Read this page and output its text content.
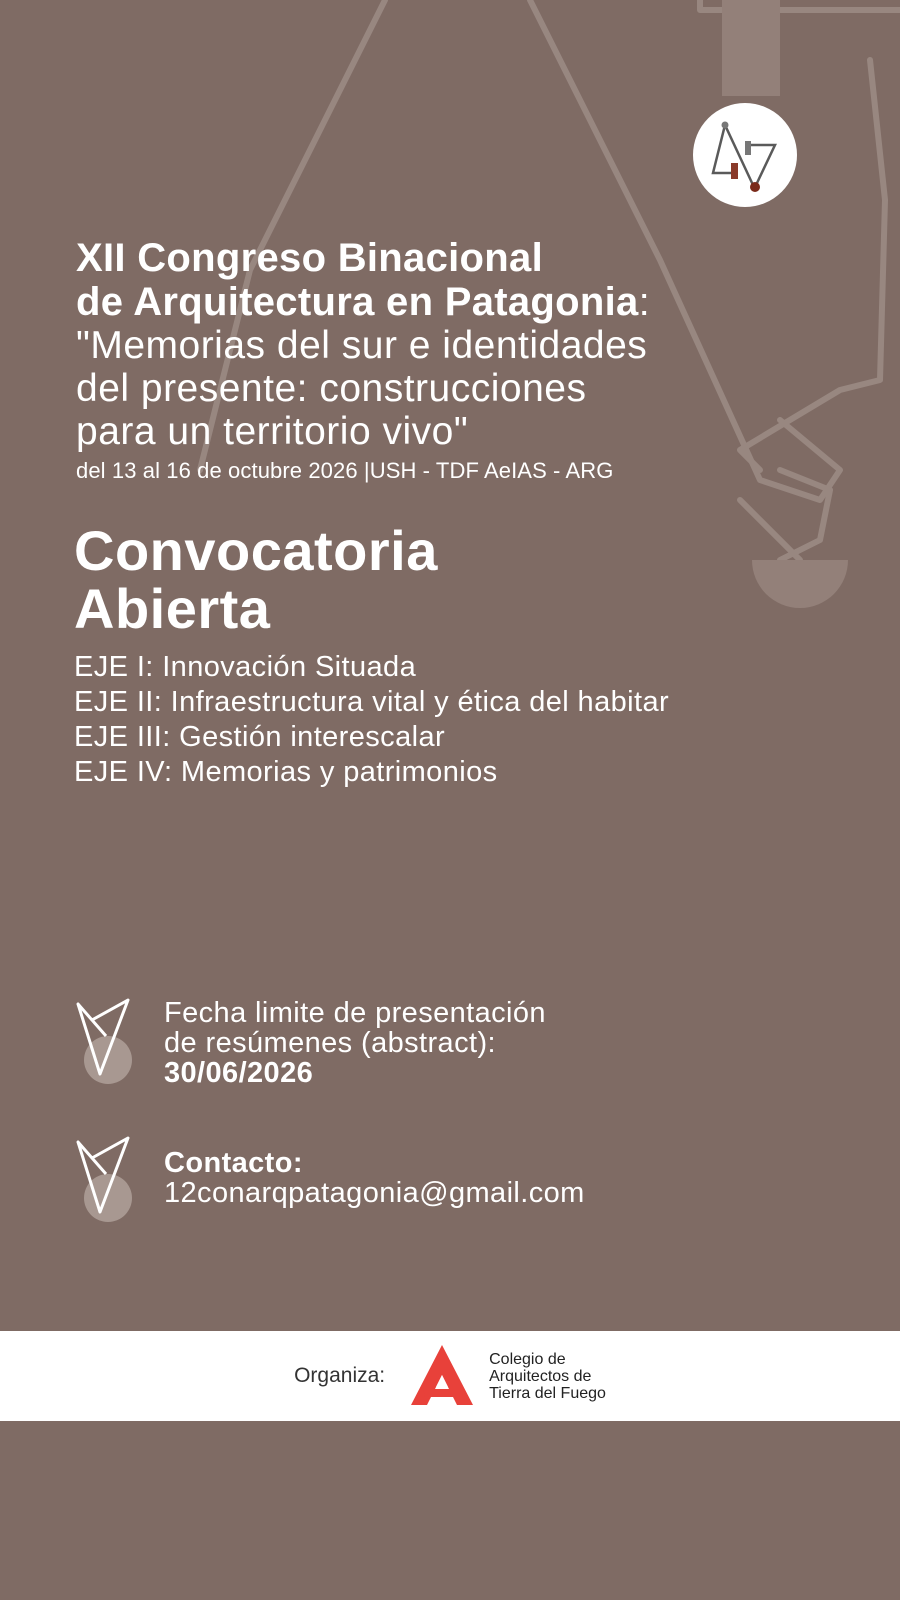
XII Congreso Binacional

de Arquitectura en Patagonia:

"Memorias del sur e identidades

del presente: construcciones

para un territorio vivo"

del 13 al 16 de octubre 2026 |USH - TDF AeIAS - ARG
Convocatoria
Abierta
EJE I: Innovación Situada
EJE II: Infraestructura vital y ética del habitar
EJE III: Gestión interescalar
EJE IV: Memorias y patrimonios
Fecha limite de presentación
de resúmenes (abstract):
30/06/2026
Contacto:
12conarqpatagonia@gmail.com
Organiza:
Colegio de
Arquitectos de
Tierra del Fuego
